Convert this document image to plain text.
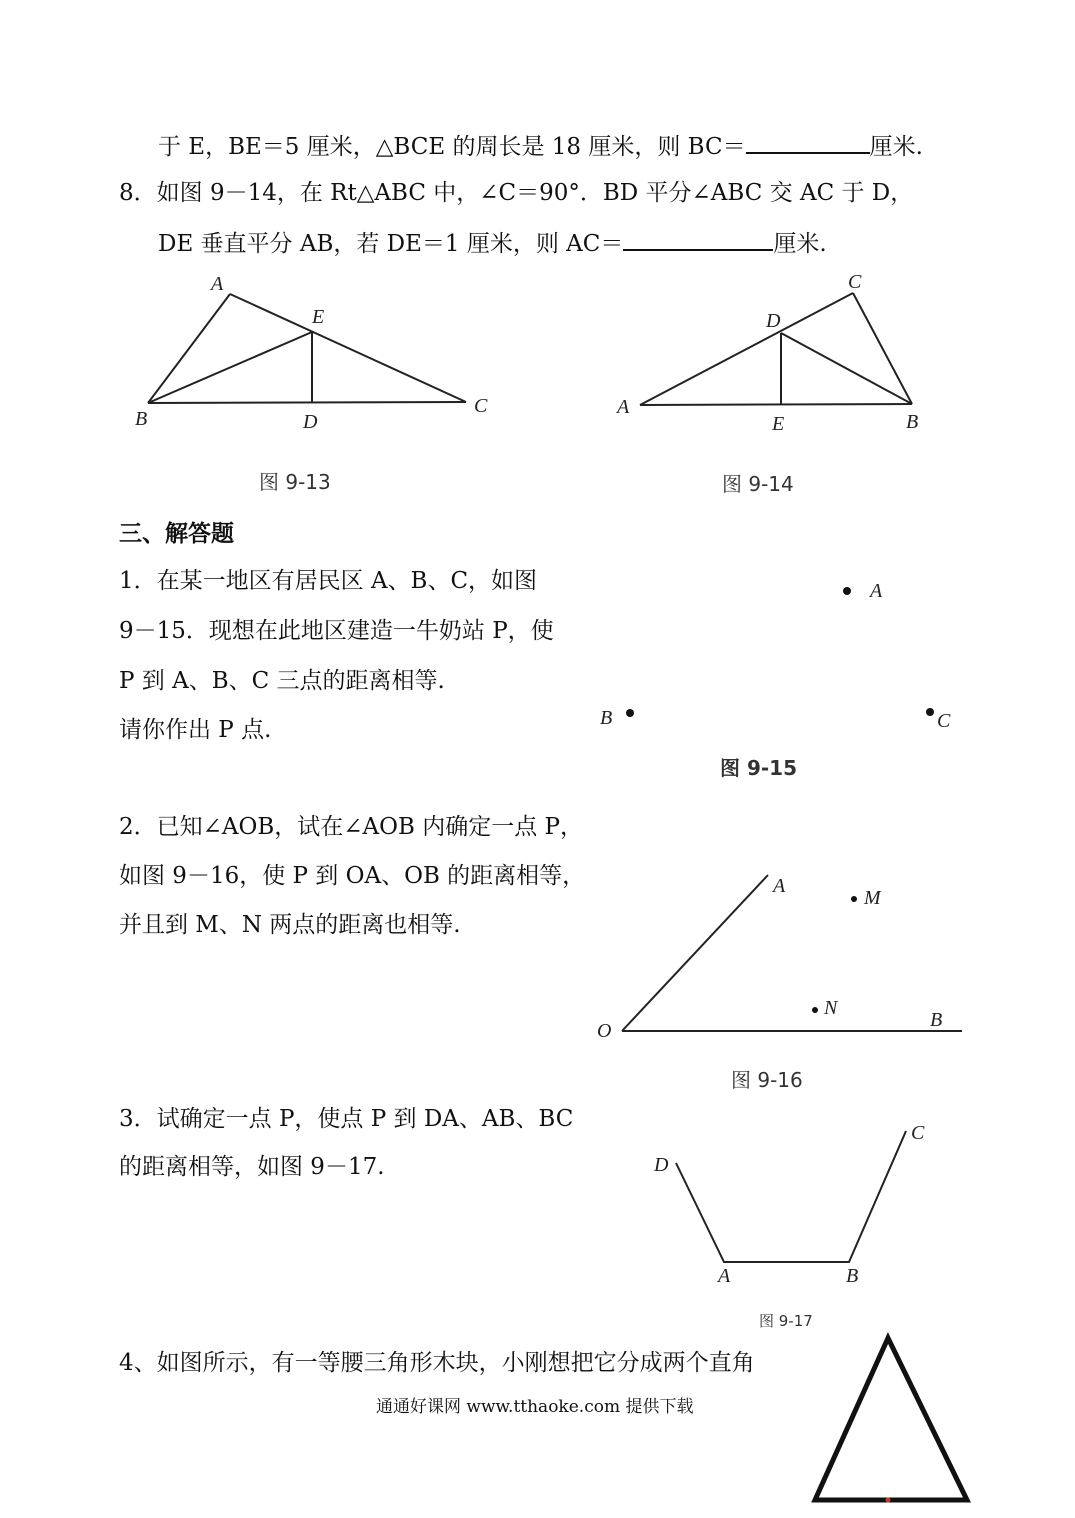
于 E，BE＝5 厘米，△BCE 的周长是 18 厘米，则 BC＝	厘米.
8．如图 9－14，在 Rt△ABC 中，∠C＝90°．BD 平分∠ABC 交 AC 于 D，
DE 垂直平分 AB，若 DE＝1 厘米，则 AC＝	厘米.
A
B
C
D
E
A
B
C
D
E
A
B	C
A
M
N
O	B
D
A	B
C
图 9-13	图 9-14
三、解答题
1．在某一地区有居民区 A、B、C，如图
9－15．现想在此地区建造一牛奶站 P，使
P 到 A、B、C 三点的距离相等.
请你作出 P 点.
图 9-15
2．已知∠AOB，试在∠AOB 内确定一点 P，
如图 9－16，使 P 到 OA、OB 的距离相等，
并且到 M、N 两点的距离也相等.
图 9-16
3．试确定一点 P，使点 P 到 DA、AB、BC
的距离相等，如图 9－17.
图 9-17
4、如图所示，有一等腰三角形木块，小刚想把它分成两个直角
通通好课网 www.tthaoke.com 提供下载
